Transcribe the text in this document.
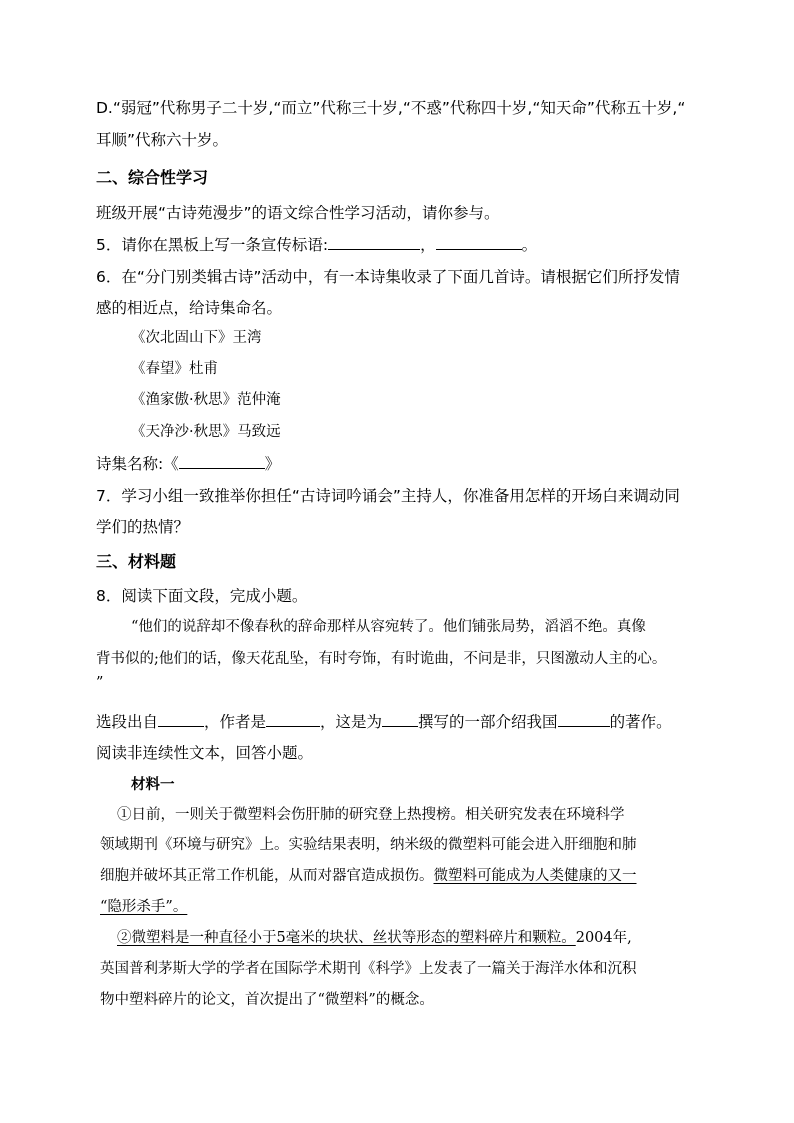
D.“弱冠”代称男子二十岁,“而立”代称三十岁,“不惑”代称四十岁,“知天命”代称五十岁,“
耳顺”代称六十岁。
二、综合性学习
班级开展“古诗苑漫步”的语文综合性学习活动，请你参与。
5．请你在黑板上写一条宣传标语:	，	。
6．在“分门别类辑古诗”活动中，有一本诗集收录了下面几首诗。请根据它们所抒发情
感的相近点，给诗集命名。
《次北固山下》王湾
《春望》杜甫
《渔家傲·秋思》范仲淹
《天净沙·秋思》马致远
诗集名称:《	》
7．学习小组一致推举你担任“古诗词吟诵会”主持人，你准备用怎样的开场白来调动同
学们的热情？
三、材料题
8．阅读下面文段，完成小题。
“他们的说辞却不像春秋的辞命那样从容宛转了。他们铺张局势，滔滔不绝。真像
背书似的;他们的话，像天花乱坠，有时夸饰，有时诡曲，不问是非，只图激动人主的心。
”
选段出自	，作者是	，这是为 撰写的一部介绍我国	的著作。
阅读非连续性文本，回答小题。
材料一
①日前，一则关于微塑料会伤肝肺的研究登上热搜榜。相关研究发表在环境科学
领域期刊《环境与研究》上。实验结果表明，纳米级的微塑料可能会进入肝细胞和肺
细胞并破坏其正常工作机能，从而对器官造成损伤。微塑料可能成为人类健康的又一
“隐形杀手”。
②微塑料是一种直径小于5毫米的块状、丝状等形态的塑料碎片和颗粒。2004年,
英国普利茅斯大学的学者在国际学术期刊《科学》上发表了一篇关于海洋水体和沉积
物中塑料碎片的论文，首次提出了“微塑料”的概念。
